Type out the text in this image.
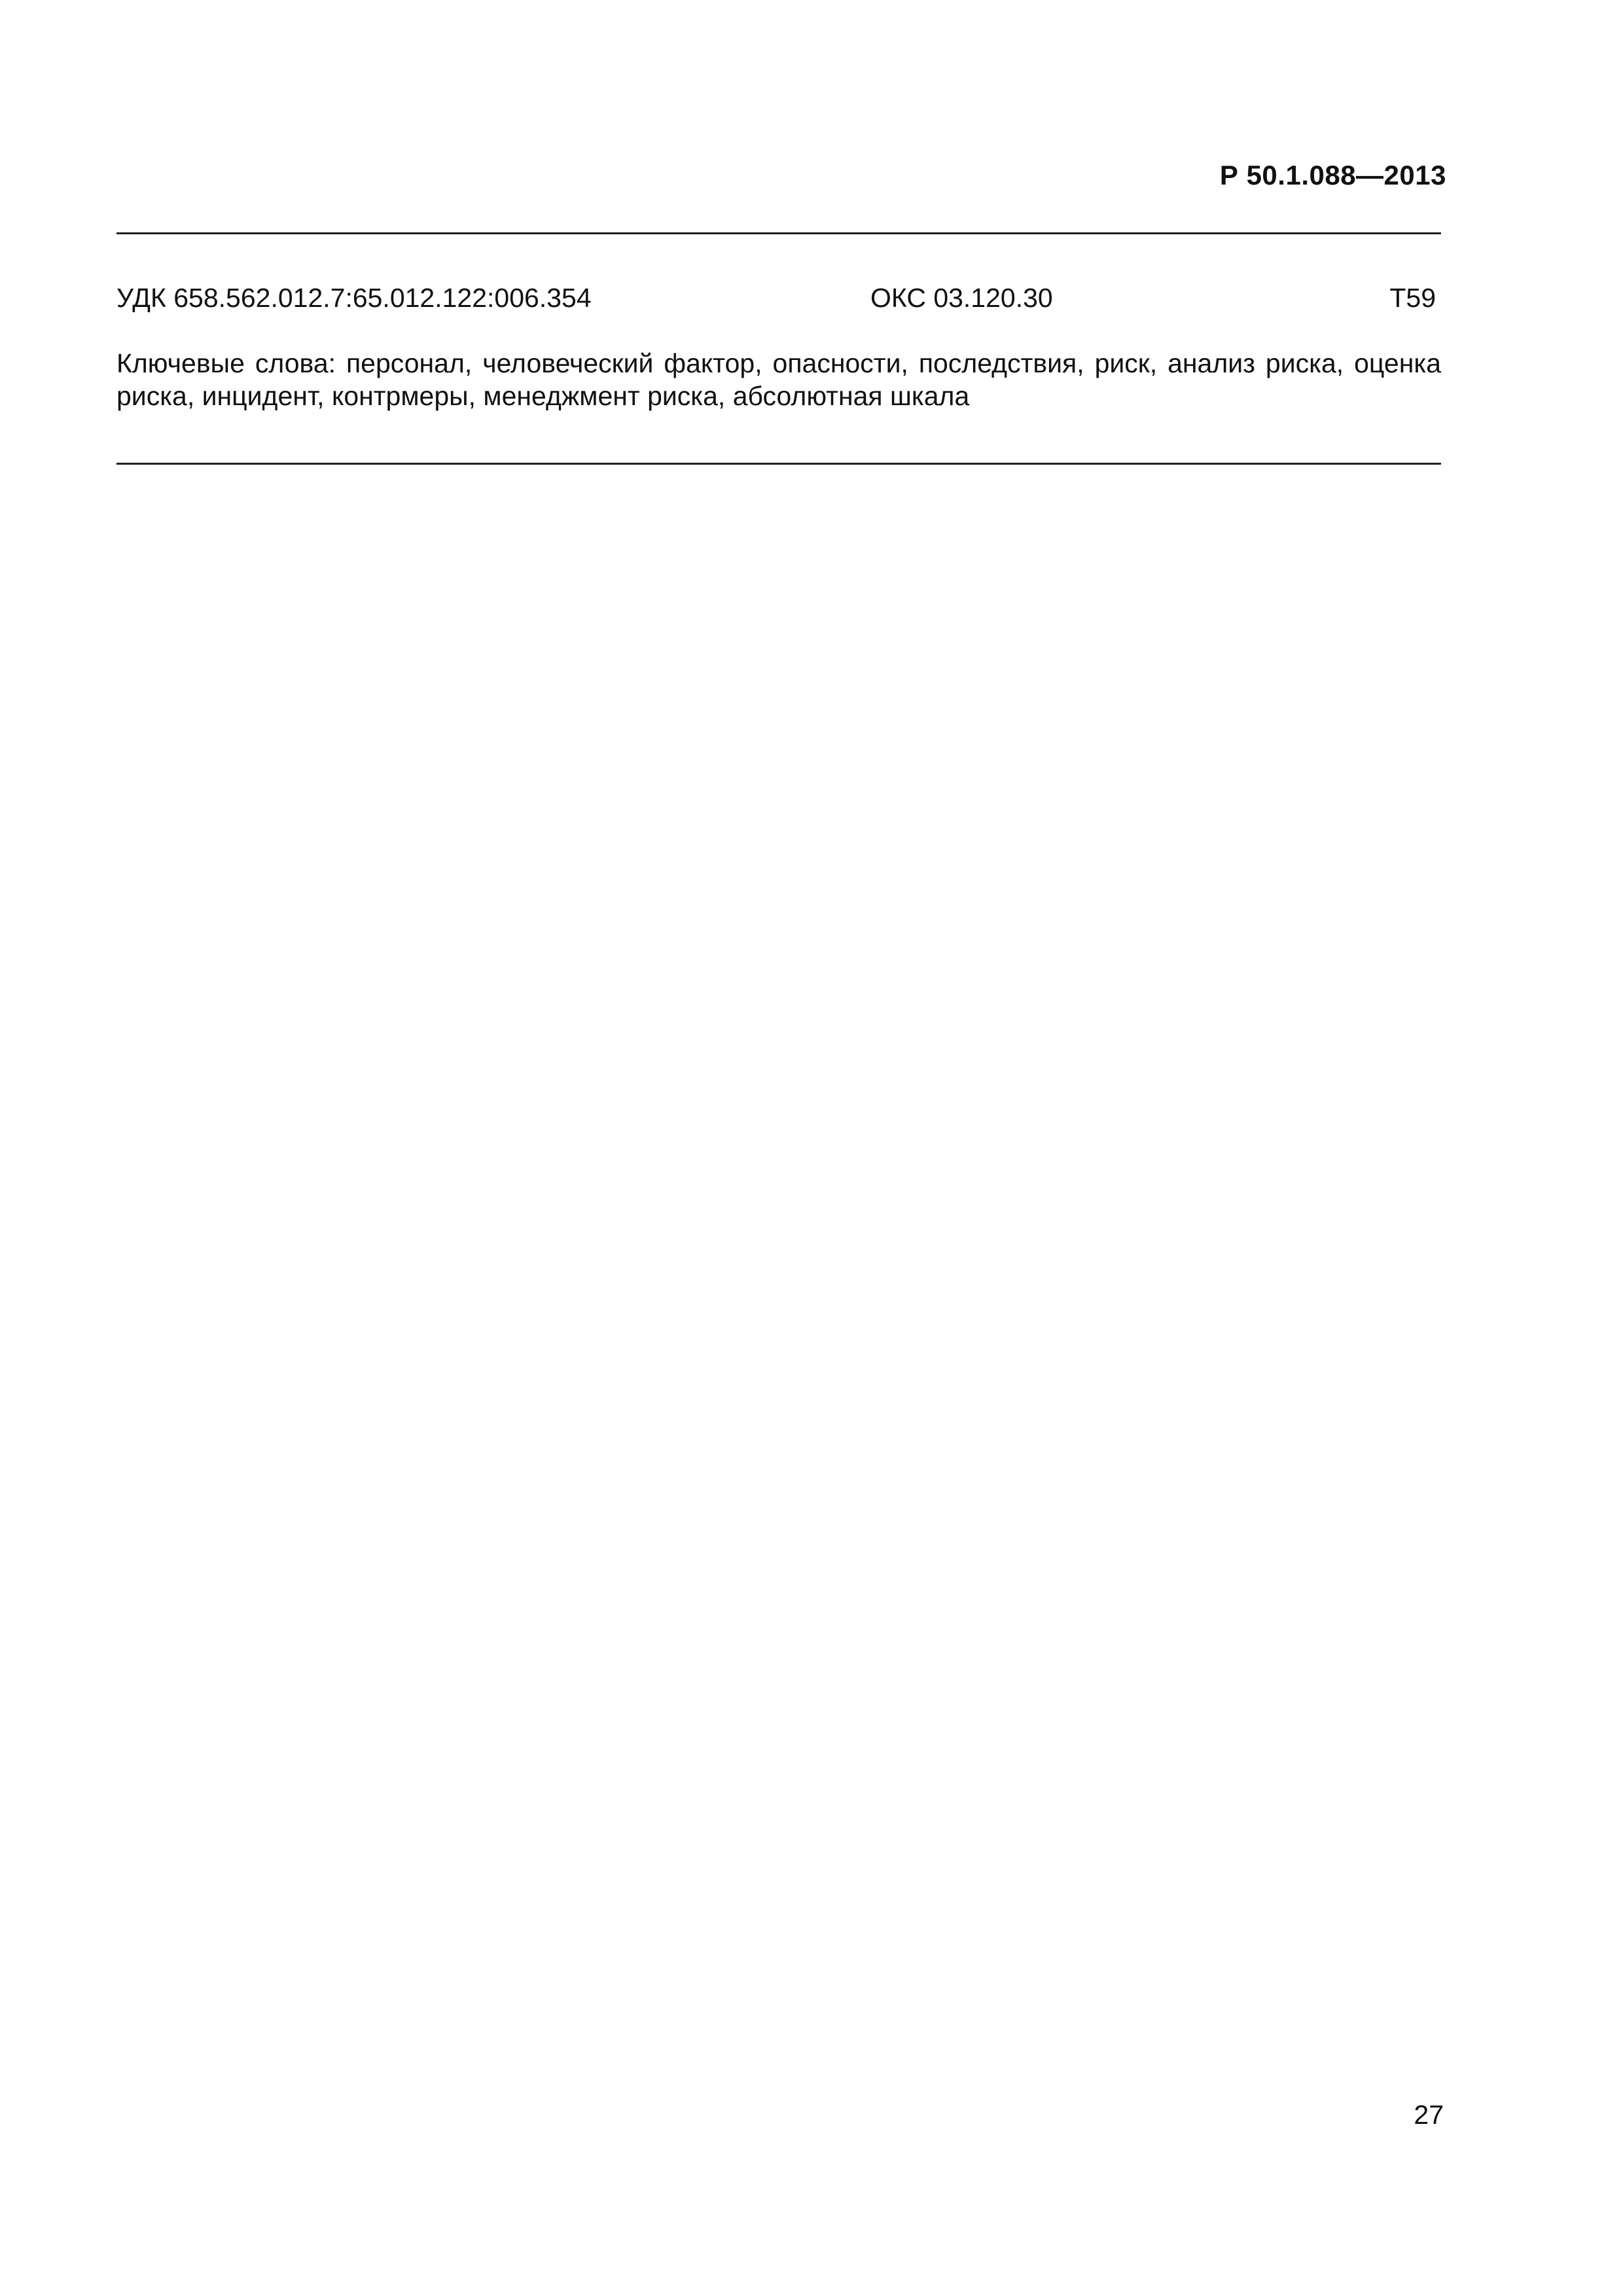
Р 50.1.088—2013
УДК 658.562.012.7:65.012.122:006.354	ОКС 03.120.30	Т59
Ключевые слова: персонал, человеческий фактор, опасности, последствия, риск, анализ риска, оценка риска, инцидент, контрмеры, менеджмент риска, абсолютная шкала
27
